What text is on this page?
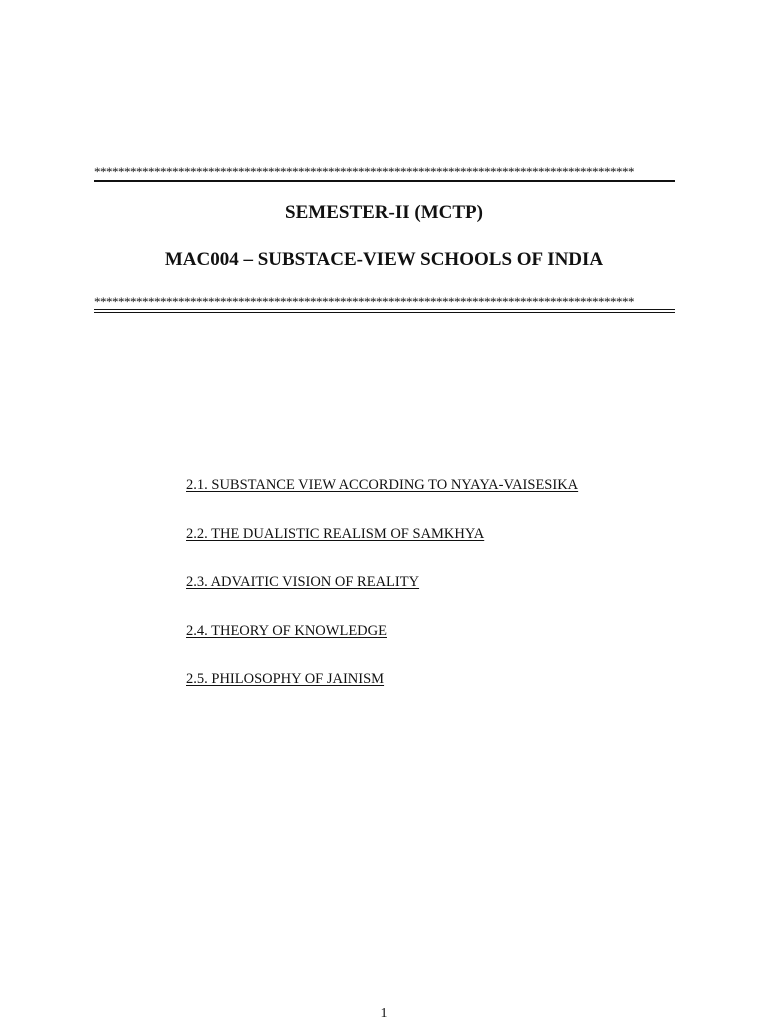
******************************************************************************************
SEMESTER-II (MCTP)
MAC004 – SUBSTACE-VIEW SCHOOLS OF INDIA
******************************************************************************************
2.1. SUBSTANCE VIEW ACCORDING TO NYAYA-VAISESIKA
2.2. THE DUALISTIC REALISM OF SAMKHYA
2.3. ADVAITIC VISION OF REALITY
2.4. THEORY OF KNOWLEDGE
2.5. PHILOSOPHY OF JAINISM
1
